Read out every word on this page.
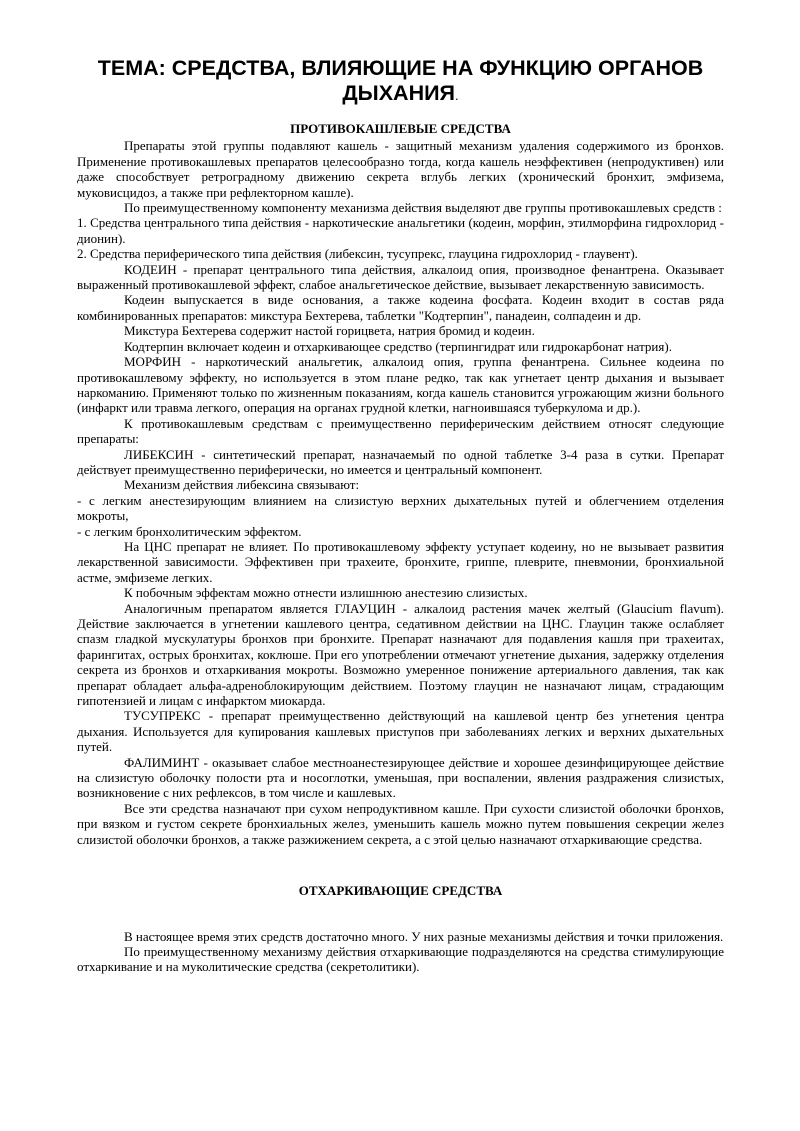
ТЕМА: СРЕДСТВА, ВЛИЯЮЩИЕ НА ФУНКЦИЮ ОРГАНОВ ДЫХАНИЯ.
ПРОТИВОКАШЛЕВЫЕ СРЕДСТВА

Препараты этой группы подавляют кашель - защитный механизм удаления содержимого из бронхов. Применение противокашлевых препаратов целесообразно тогда, когда кашель неэффективен (непродуктивен) или даже способствует ретроградному движению секрета вглубь легких (хронический бронхит, эмфизема, муковисцидоз, а также при рефлекторном кашле).

По преимущественному компоненту механизма действия выделяют две группы противокашлевых средств :

1. Средства центрального типа действия - наркотические анальгетики (кодеин, морфин, этилморфина гидрохлорид - дионин).

2. Средства периферического типа действия (либексин, тусупрекс, глауцина гидрохлорид - глаувент).

КОДЕИН - препарат центрального типа действия, алкалоид опия, производное фенантрена. Оказывает выраженный противокашлевой эффект, слабое анальгетическое действие, вызывает лекарственную зависимость.

Кодеин выпускается в виде основания, а также кодеина фосфата. Кодеин входит в состав ряда комбинированных препаратов: микстура Бехтерева, таблетки "Кодтерпин", панадеин, солпадеин и др.

Микстура Бехтерева содержит настой горицвета, натрия бромид и кодеин.

Кодтерпин включает кодеин и отхаркивающее средство (терпингидрат или гидрокарбонат натрия).

МОРФИН - наркотический анальгетик, алкалоид опия, группа фенантрена. Сильнее кодеина по противокашлевому эффекту, но используется в этом плане редко, так как угнетает центр дыхания и вызывает наркоманию. Применяют только по жизненным показаниям, когда кашель становится угрожающим жизни больного (инфаркт или травма легкого, операция на органах грудной клетки, нагноившаяся туберкулома и др.).

К противокашлевым средствам с преимущественно периферическим действием относят следующие препараты:

ЛИБЕКСИН - синтетический препарат, назначаемый по одной таблетке 3-4 раза в сутки. Препарат действует преимущественно периферически, но имеется и центральный компонент.

Механизм действия либексина связывают:

- с легким анестезирующим влиянием на слизистую верхних дыхательных путей и облегчением отделения мокроты,

- с легким бронхолитическим эффектом.

На ЦНС препарат не влияет. По противокашлевому эффекту уступает кодеину, но не вызывает развития лекарственной зависимости. Эффективен при трахеите, бронхите, гриппе, плеврите, пневмонии, бронхиальной астме, эмфиземе легких.

К побочным эффектам можно отнести излишнюю анестезию слизистых.

Аналогичным препаратом является ГЛАУЦИН - алкалоид растения мачек желтый (Glaucium flavum). Действие заключается в угнетении кашлевого центра, седативном действии на ЦНС. Глауцин также ослабляет спазм гладкой мускулатуры бронхов при бронхите. Препарат назначают для подавления кашля при трахеитах, фарингитах, острых бронхитах, коклюше. При его употреблении отмечают угнетение дыхания, задержку отделения секрета из бронхов и отхаркивания мокроты. Возможно умеренное понижение артериального давления, так как препарат обладает альфа-адреноблокирующим действием. Поэтому глауцин не назначают лицам, страдающим гипотензией и лицам с инфарктом миокарда.

ТУСУПРЕКС - препарат преимущественно действующий на кашлевой центр без угнетения центра дыхания. Используется для купирования кашлевых приступов при заболеваниях легких и верхних дыхательных путей.

ФАЛИМИНТ - оказывает слабое местноанестезирующее действие и хорошее дезинфицирующее действие на слизистую оболочку полости рта и носоглотки, уменьшая, при воспалении, явления раздражения слизистых, возникновение с них рефлексов, в том числе и кашлевых.

Все эти средства назначают при сухом непродуктивном кашле. При сухости слизистой оболочки бронхов, при вязком и густом секрете бронхиальных желез, уменьшить кашель можно путем повышения секреции желез слизистой оболочки бронхов, а также разжижением секрета, а с этой целью назначают отхаркивающие средства.

ОТХАРКИВАЮЩИЕ СРЕДСТВА

В настоящее время этих средств достаточно много. У них разные механизмы действия и точки приложения.

По преимущественному механизму действия отхаркивающие подразделяются на средства стимулирующие отхаркивание и на муколитические средства (секретолитики).
